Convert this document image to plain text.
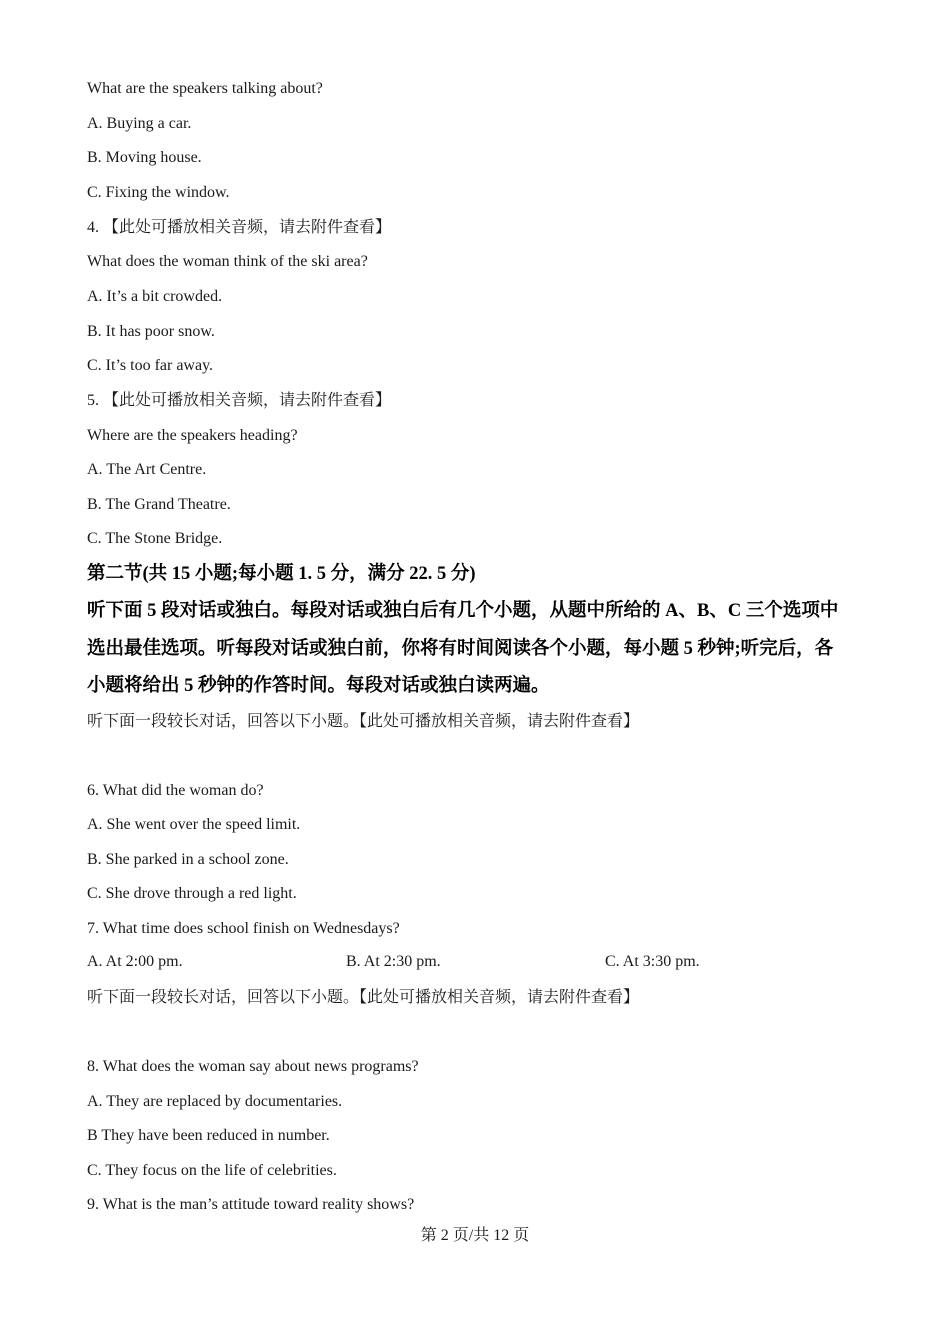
What are the speakers talking about?
A. Buying a car.
B. Moving house.
C. Fixing the window.
4. 【此处可播放相关音频，请去附件查看】
What does the woman think of the ski area?
A. It’s a bit crowded.
B. It has poor snow.
C. It’s too far away.
5. 【此处可播放相关音频，请去附件查看】
Where are the speakers heading?
A. The Art Centre.
B. The Grand Theatre.
C. The Stone Bridge.
第二节(共 15 小题;每小题 1. 5 分，满分 22. 5 分)
听下面 5 段对话或独白。每段对话或独白后有几个小题，从题中所给的 A、B、C 三个选项中
选出最佳选项。听每段对话或独白前，你将有时间阅读各个小题，每小题 5 秒钟;听完后，各
小题将给出 5 秒钟的作答时间。每段对话或独白读两遍。
听下面一段较长对话，回答以下小题。【此处可播放相关音频，请去附件查看】
6. What did the woman do?
A. She went over the speed limit.
B. She parked in a school zone.
C. She drove through a red light.
7. What time does school finish on Wednesdays?
A. At 2:00 pm.	B. At 2:30 pm.	C. At 3:30 pm.
听下面一段较长对话，回答以下小题。【此处可播放相关音频，请去附件查看】
8. What does the woman say about news programs?
A. They are replaced by documentaries.
B They have been reduced in number.
C. They focus on the life of celebrities.
9. What is the man’s attitude toward reality shows?
第 2 页/共 12 页
